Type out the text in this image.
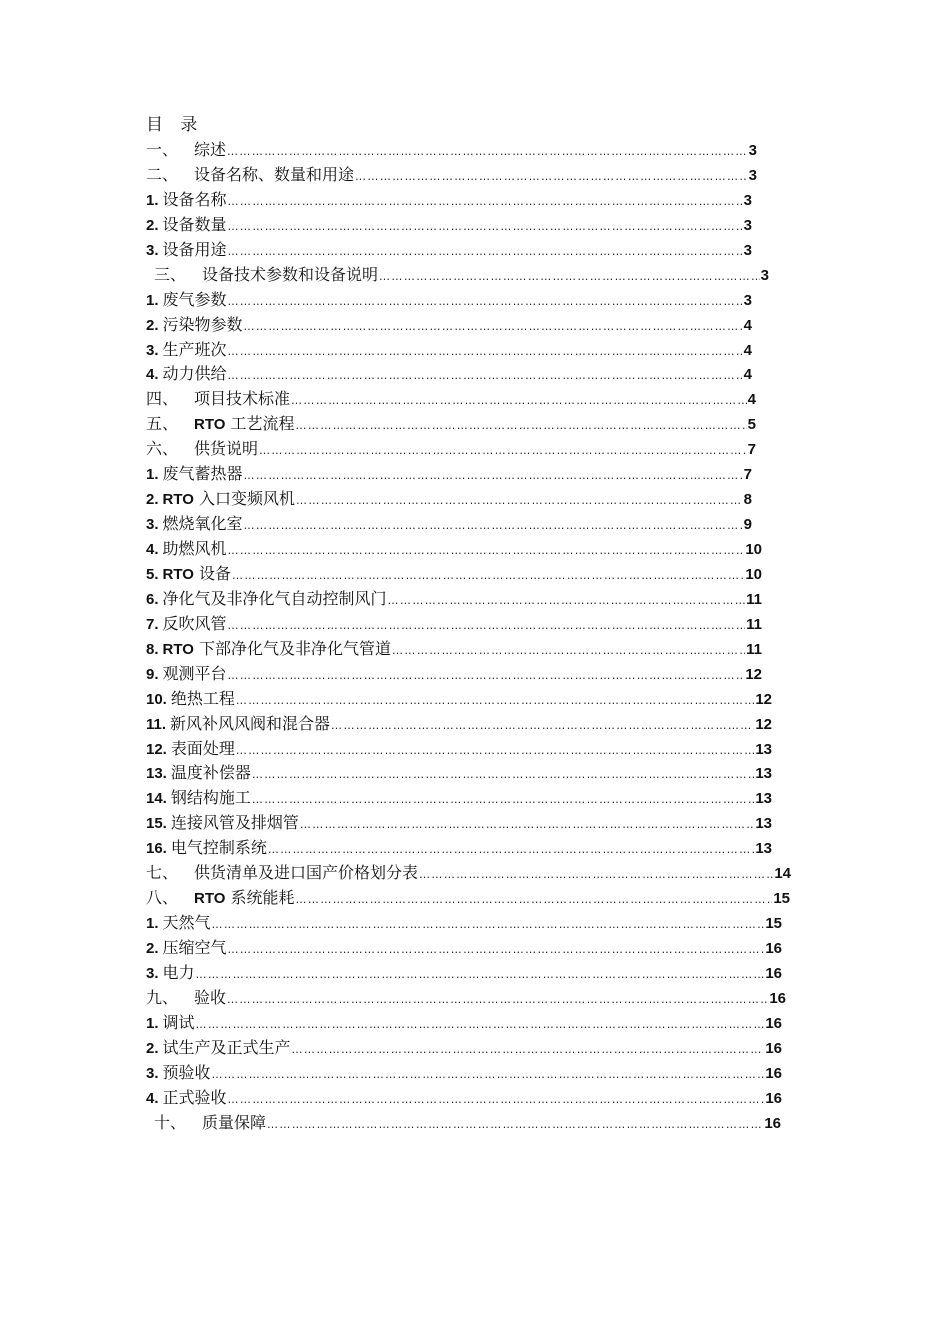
目 录
一、 综述 …………………………………………………………………………………………………………………………………………………………………………………………	3
二、 设备名称、数量和用途 …………………………………………………………………………………………………………………………………………………………………………………………	3
1. 设备名称 …………………………………………………………………………………………………………………………………………………………………………………………	3
2. 设备数量 …………………………………………………………………………………………………………………………………………………………………………………………	3
3. 设备用途 …………………………………………………………………………………………………………………………………………………………………………………………	3
三、 设备技术参数和设备说明 …………………………………………………………………………………………………………………………………………………………………………………………	3
1. 废气参数 …………………………………………………………………………………………………………………………………………………………………………………………	3
2. 污染物参数 …………………………………………………………………………………………………………………………………………………………………………………………	4
3. 生产班次 …………………………………………………………………………………………………………………………………………………………………………………………	4
4. 动力供给 …………………………………………………………………………………………………………………………………………………………………………………………	4
四、 项目技术标准 …………………………………………………………………………………………………………………………………………………………………………………………	4
五、 RTO 工艺流程 …………………………………………………………………………………………………………………………………………………………………………………………	5
六、 供货说明 …………………………………………………………………………………………………………………………………………………………………………………………	7
1. 废气蓄热器 …………………………………………………………………………………………………………………………………………………………………………………………	7
2. RTO 入口变频风机 …………………………………………………………………………………………………………………………………………………………………………………………	8
3. 燃烧氧化室 …………………………………………………………………………………………………………………………………………………………………………………………	9
4. 助燃风机 …………………………………………………………………………………………………………………………………………………………………………………………	10
5. RTO 设备 …………………………………………………………………………………………………………………………………………………………………………………………	10
6. 净化气及非净化气自动控制风门 …………………………………………………………………………………………………………………………………………………………………………………………	11
7. 反吹风管 …………………………………………………………………………………………………………………………………………………………………………………………	11
8. RTO 下部净化气及非净化气管道 …………………………………………………………………………………………………………………………………………………………………………………………	11
9. 观测平台 …………………………………………………………………………………………………………………………………………………………………………………………	12
10. 绝热工程 …………………………………………………………………………………………………………………………………………………………………………………………	12
11. 新风补风风阀和混合器 …………………………………………………………………………………………………………………………………………………………………………………………	12
12. 表面处理 …………………………………………………………………………………………………………………………………………………………………………………………	13
13. 温度补偿器 …………………………………………………………………………………………………………………………………………………………………………………………	13
14. 钢结构施工 …………………………………………………………………………………………………………………………………………………………………………………………	13
15. 连接风管及排烟管 …………………………………………………………………………………………………………………………………………………………………………………………	13
16. 电气控制系统 …………………………………………………………………………………………………………………………………………………………………………………………	13
七、 供货清单及进口国产价格划分表 …………………………………………………………………………………………………………………………………………………………………………………………	14
八、 RTO 系统能耗 …………………………………………………………………………………………………………………………………………………………………………………………	15
1. 天然气 …………………………………………………………………………………………………………………………………………………………………………………………	15
2. 压缩空气 …………………………………………………………………………………………………………………………………………………………………………………………	16
3. 电力 …………………………………………………………………………………………………………………………………………………………………………………………	16
九、 验收 …………………………………………………………………………………………………………………………………………………………………………………………	16
1. 调试 …………………………………………………………………………………………………………………………………………………………………………………………	16
2. 试生产及正式生产 …………………………………………………………………………………………………………………………………………………………………………………………	16
3. 预验收 …………………………………………………………………………………………………………………………………………………………………………………………	16
4. 正式验收 …………………………………………………………………………………………………………………………………………………………………………………………	16
十、 质量保障 …………………………………………………………………………………………………………………………………………………………………………………………	16
